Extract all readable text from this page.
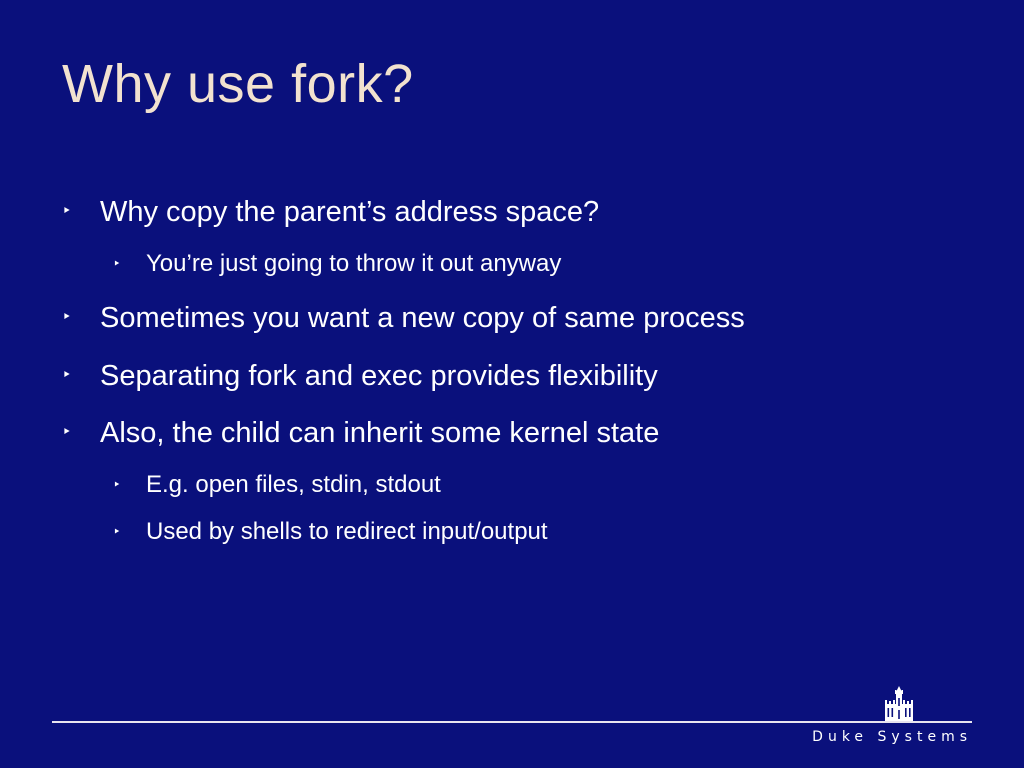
Why use fork?
‣ Why copy the parent’s address space?
‣ You’re just going to throw it out anyway
‣ Sometimes you want a new copy of same process
‣ Separating fork and exec provides flexibility
‣ Also, the child can inherit some kernel state
‣ E.g. open files, stdin, stdout
‣ Used by shells to redirect input/output
Duke Systems
